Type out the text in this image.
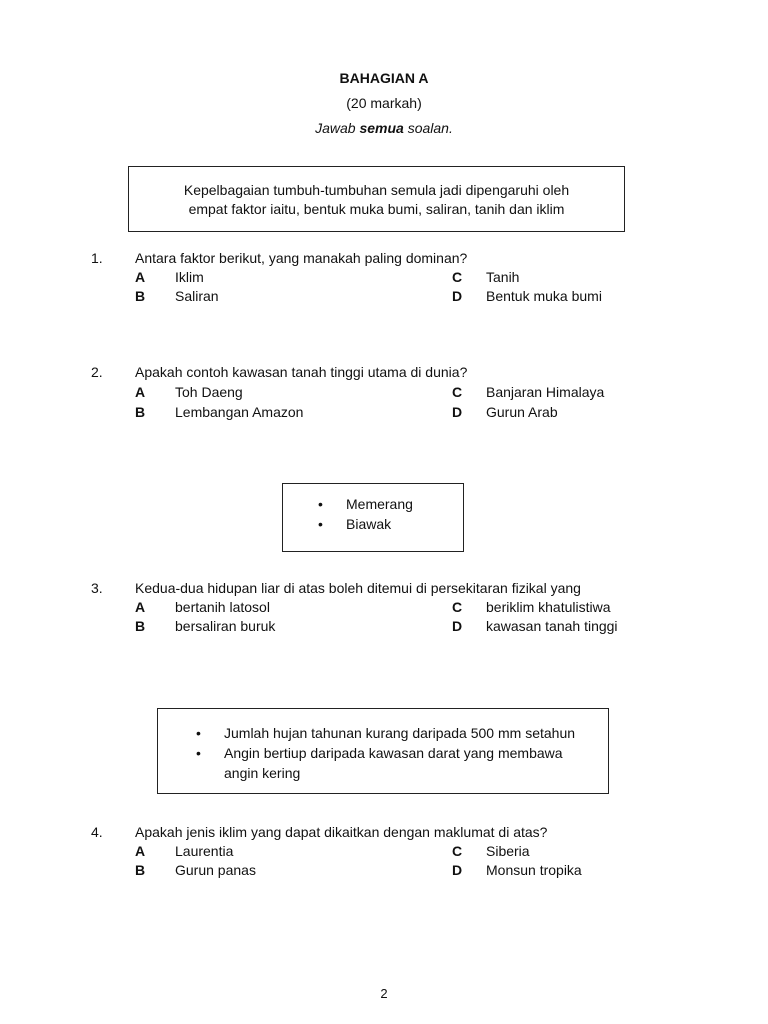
BAHAGIAN A
(20 markah)
Jawab semua soalan.
Kepelbagaian tumbuh-tumbuhan semula jadi dipengaruhi oleh
empat faktor iaitu, bentuk muka bumi, saliran, tanih dan iklim
1. Antara faktor berikut, yang manakah paling dominan?
A Iklim
B Saliran
C Tanih
D Bentuk muka bumi
2. Apakah contoh kawasan tanah tinggi utama di dunia?
A Toh Daeng
B Lembangan Amazon
C Banjaran Himalaya
D Gurun Arab
•	Memerang
•	Biawak
3. Kedua-dua hidupan liar di atas boleh ditemui di persekitaran fizikal yang
A bertanih latosol
B bersaliran buruk
C beriklim khatulistiwa
D kawasan tanah tinggi
•	Jumlah hujan tahunan kurang daripada 500 mm setahun
•	Angin bertiup daripada kawasan darat yang membawa angin kering
4. Apakah jenis iklim yang dapat dikaitkan dengan maklumat di atas?
A Laurentia
B Gurun panas
C Siberia
D Monsun tropika
2
